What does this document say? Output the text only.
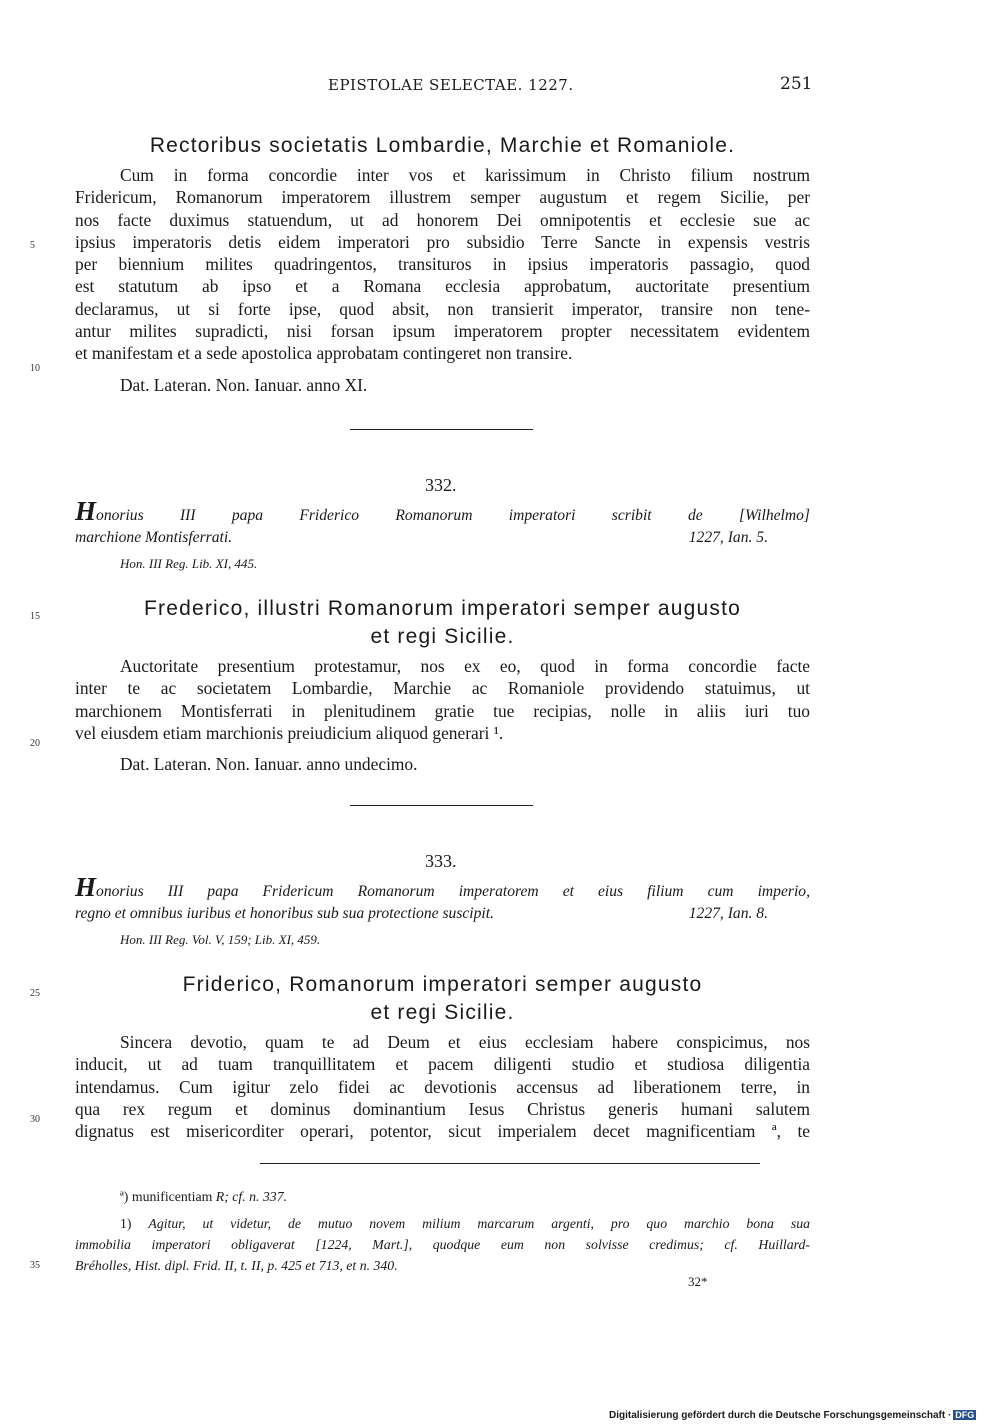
EPISTOLAE SELECTAE. 1227.	251
Rectoribus societatis Lombardie, Marchie et Romaniole.
Cum in forma concordie inter vos et karissimum in Christo filium nostrum
Fridericum, Romanorum imperatorem illustrem semper augustum et regem Sicilie, per
nos facte duximus statuendum, ut ad honorem Dei omnipotentis et ecclesie sue ac
ipsius imperatoris detis eidem imperatori pro subsidio Terre Sancte in expensis vestris
per biennium milites quadringentos, transituros in ipsius imperatoris passagio, quod
est statutum ab ipso et a Romana ecclesia approbatum, auctoritate presentium
declaramus, ut si forte ipse, quod absit, non transierit imperator, transire non tene-
antur milites supradicti, nisi forsan ipsum imperatorem propter necessitatem evidentem
et manifestam et a sede apostolica approbatam contingeret non transire.
Dat. Lateran. Non. Ianuar. anno XI.
332.
Honorius III papa Friderico Romanorum imperatori scribit de [Wilhelmo]
marchione Montisferrati.	1227, Ian. 5.
Hon. III Reg. Lib. XI, 445.
Frederico, illustri Romanorum imperatori semper augusto
et regi Sicilie.
Auctoritate presentium protestamur, nos ex eo, quod in forma concordie facte
inter te ac societatem Lombardie, Marchie ac Romaniole providendo statuimus, ut
marchionem Montisferrati in plenitudinem gratie tue recipias, nolle in aliis iuri tuo
vel eiusdem etiam marchionis preiudicium aliquod generari ¹.
Dat. Lateran. Non. Ianuar. anno undecimo.
333.
Honorius III papa Fridericum Romanorum imperatorem et eius filium cum imperio,
regno et omnibus iuribus et honoribus sub sua protectione suscipit.	1227, Ian. 8.
Hon. III Reg. Vol. V, 159; Lib. XI, 459.
Friderico, Romanorum imperatori semper augusto
et regi Sicilie.
Sincera devotio, quam te ad Deum et eius ecclesiam habere conspicimus, nos
inducit, ut ad tuam tranquillitatem et pacem diligenti studio et studiosa diligentia
intendamus. Cum igitur zelo fidei ac devotionis accensus ad liberationem terre, in
qua rex regum et dominus dominantium Iesus Christus generis humani salutem
dignatus est misericorditer operari, potentor, sicut imperialem decet magnificentiam ª, te
5
10
15
20
25
30
35
ª) munificentiam R; cf. n. 337.
1) Agitur, ut videtur, de mutuo novem milium marcarum argenti, pro quo marchio bona sua
immobilia imperatori obligaverat [1224, Mart.], quodque eum non solvisse credimus; cf. Huillard-
Bréholles, Hist. dipl. Frid. II, t. II, p. 425 et 713, et n. 340.
32*
Digitalisierung gefördert durch die Deutsche Forschungsgemeinschaft · DFG
